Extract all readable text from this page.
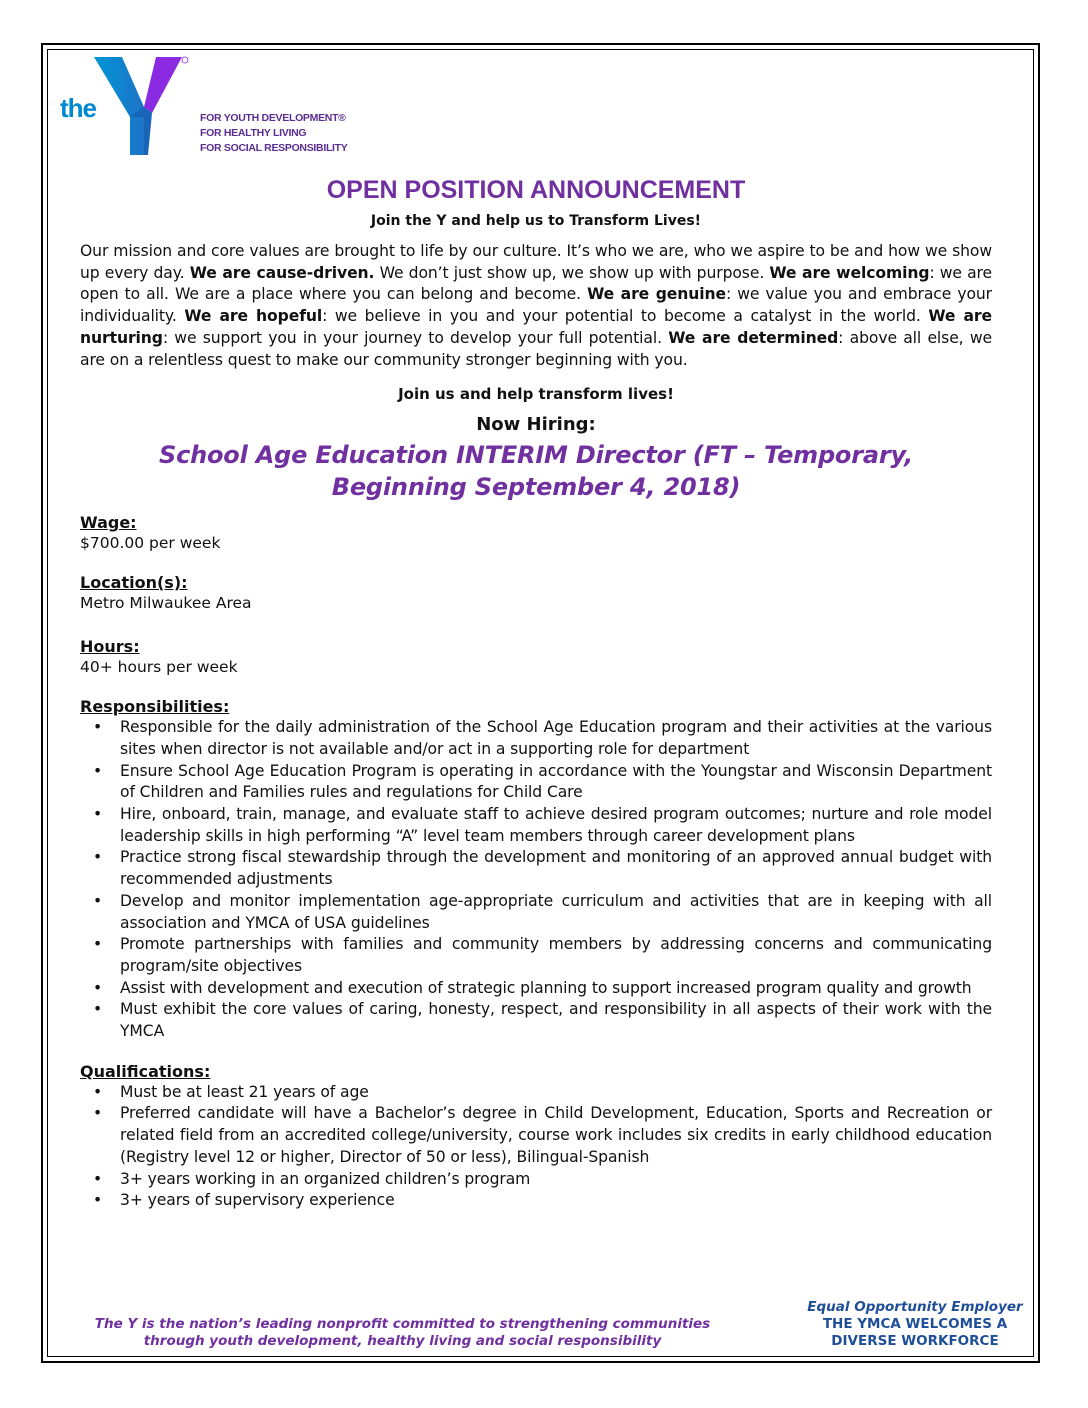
the	FOR YOUTH DEVELOPMENT®
FOR HEALTHY LIVING
FOR SOCIAL RESPONSIBILITY
OPEN POSITION ANNOUNCEMENT

Join the Y and help us to Transform Lives!

Our mission and core values are brought to life by our culture. It’s who we are, who we aspire to be and how we show up every day. We are cause-driven. We don’t just show up, we show up with purpose. We are welcoming: we are open to all. We are a place where you can belong and become. We are genuine: we value you and embrace your individuality. We are hopeful: we believe in you and your potential to become a catalyst in the world. We are nurturing: we support you in your journey to develop your full potential. We are determined: above all else, we are on a relentless quest to make our community stronger beginning with you.

Join us and help transform lives!

Now Hiring:

School Age Education INTERIM Director (FT – Temporary,
Beginning September 4, 2018)

Wage:

$700.00 per week

Location(s):

Metro Milwaukee Area

Hours:

40+ hours per week

Responsibilities:

• Responsible for the daily administration of the School Age Education program and their activities at the various sites when director is not available and/or act in a supporting role for department
• Ensure School Age Education Program is operating in accordance with the Youngstar and Wisconsin Department of Children and Families rules and regulations for Child Care
• Hire, onboard, train, manage, and evaluate staff to achieve desired program outcomes; nurture and role model leadership skills in high performing “A” level team members through career development plans
• Practice strong fiscal stewardship through the development and monitoring of an approved annual budget with recommended adjustments
• Develop and monitor implementation age-appropriate curriculum and activities that are in keeping with all association and YMCA of USA guidelines
• Promote partnerships with families and community members by addressing concerns and communicating program/site objectives
• Assist with development and execution of strategic planning to support increased program quality and growth
• Must exhibit the core values of caring, honesty, respect, and responsibility in all aspects of their work with the YMCA

Qualifications:

• Must be at least 21 years of age
• Preferred candidate will have a Bachelor’s degree in Child Development, Education, Sports and Recreation or related field from an accredited college/university, course work includes six credits in early childhood education (Registry level 12 or higher, Director of 50 or less), Bilingual-Spanish
• 3+ years working in an organized children’s program
• 3+ years of supervisory experience
The Y is the nation’s leading nonprofit committed to strengthening communities
through youth development, healthy living and social responsibility
Equal Opportunity Employer
THE YMCA WELCOMES A
DIVERSE WORKFORCE
